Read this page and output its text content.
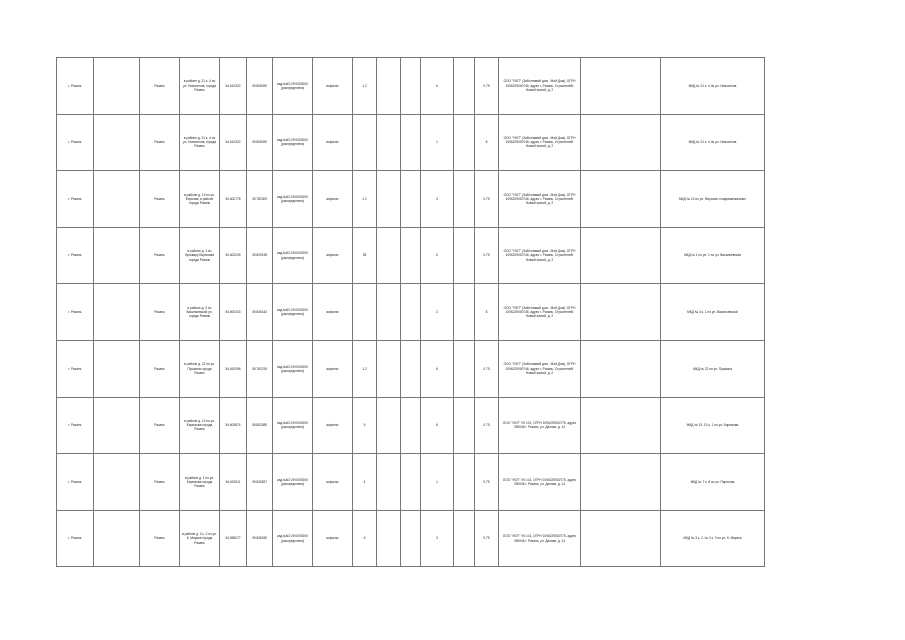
г. Рязань		Рязань	в районе д. 21 к. 4 по ул. Новоселов, города Рязань	54.610322	39.806090	кад.№62:29:0000000 (распределена)	асфальт	1.2			6		0.75	ООО "УЮТ" (Заботливый дом - Мой Дом), ОГРН 1096229000746, адрес г. Рязань, Строителей/Новый жилой, д. 2		МКД № 21 к. 4 по ул. Новоселов
г. Рязань		Рязань	в районе д. 21 к. 4 по ул. Новоселов, города Рязань	54.610322	39.806090	кад.№62:29:0000000 (распределена)	асфальт				1		8	ООО "УЮТ" (Заботливый дом - Мой Дом), ОГРН 1096229000746, адрес г. Рязань, Строителей/Новый жилой, д. 2		МКД № 21 к. 4 по ул. Новоселов
г. Рязань		Рязань	в районе д. 13 по ул. Фирсова, в районе города Рязань	54.602778	39.782309	кад.№62:29:0000000 (распределена)	асфальт	1.2			4		0.75	ООО "УЮТ" (Заботливый дом - Мой Дом), ОГРН 1096229000746, адрес г. Рязань, Строителей/Новый жилой, д. 2		МКД № 13 по ул. Фирсова, кладовая/магазин
г. Рязань		Рязань	в районе д. 1 по бульвару Бирюзова города Рязань	54.602249	39.825198	кад.№62:29:0000000 (распределена)	асфальт	28			6		0.75	ООО "УЮТ" (Заботливый дом - Мой Дом), ОГРН 1096229000746, адрес г. Рязань, Строителей/Новый жилой, д. 2		МКД № 1 по ул. 1 по ул. Васильевская
г. Рязань		Рязань	в районе д. 3 по Васильевской ул. города Рязань	54.600243	39.846182	кад.№62:29:0000000 (распределена)	асфальт				2		8	ООО "УЮТ" (Заботливый дом - Мой Дом), ОГРН 1096229000746, адрес г. Рязань, Строителей/Новый жилой, д. 2		МКД № 3 к. 1 по ул. Васильевской
г. Рязань		Рязань	в районе д. 22 по ул. Пушкина города Рязань	54.610098	39.782219	кад.№62:29:0000000 (распределена)	асфальт	1.2			6		0.75	ООО "УЮТ" (Заботливый дом - Мой Дом), ОГРН 1096229000746, адрес г. Рязань, Строителей/Новый жилой, д. 2		МКД № 22 по ул. Пушкина
г. Рязань		Рязань	в районе д. 13 по ул. Бирюзова города Рязань	54.603874	39.803389	кад.№62:29:0000000 (распределена)	асфальт	9			6		0.75	ООО "УЮТ" УК 101, ОГРН 1096229000775, адрес 390046 г. Рязань, ул. Дачная, д. 14		МКД № 13, 13 к. 1 по ул. Бирюзова
г. Рязань		Рязань	в районе д. 1 по ул. Бирюзова города Рязань	54.602511	39.826837	кад.№62:29:0000000 (распределена)	асфальт	4			1		0.75	ООО "УЮТ" УК 101, ОГРН 1096229000775, адрес 390046 г. Рязань, ул. Дачная, д. 14		МКД № 7 к. 8 по ул. Пирогова
г. Рязань		Рязань	в районе д. 3 к. 2 по ул. К. Маркса города Рязань	54.595077	39.836030	кад.№62:29:0000000 (распределена)	асфальт	6			3		0.75	ООО "УЮТ" УК 101, ОГРН 1096229000775, адрес 390046 г. Рязань, ул. Дачная, д. 14		МКД № 3 к. 2, № 3 к. 3 по ул. К. Маркса
